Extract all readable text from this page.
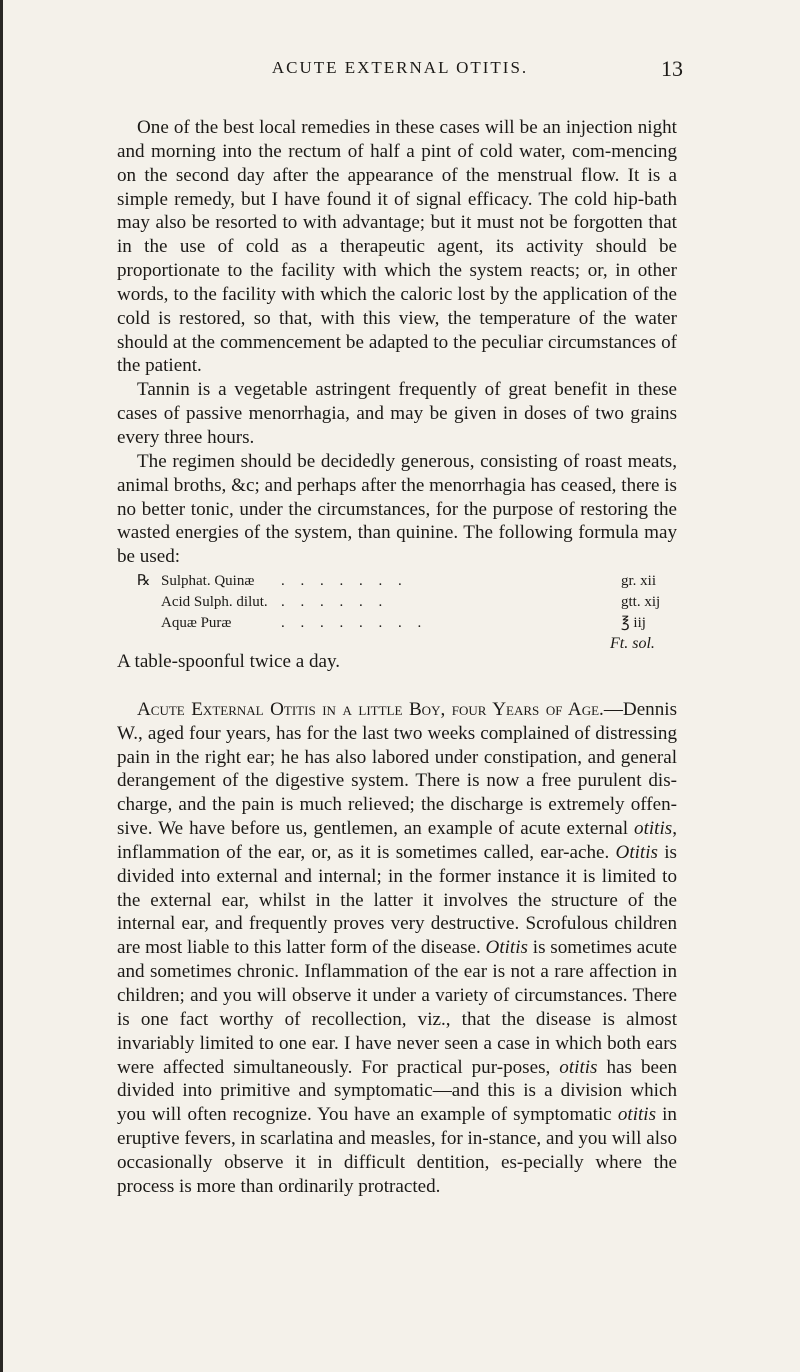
ACUTE EXTERNAL OTITIS.	13

One of the best local remedies in these cases will be an injection night and morning into the rectum of half a pint of cold water, com-mencing on the second day after the appearance of the menstrual flow. It is a simple remedy, but I have found it of signal efficacy. The cold hip-bath may also be resorted to with advantage; but it must not be forgotten that in the use of cold as a therapeutic agent, its activity should be proportionate to the facility with which the system reacts; or, in other words, to the facility with which the caloric lost by the application of the cold is restored, so that, with this view, the temperature of the water should at the commencement be adapted to the peculiar circumstances of the patient.

Tannin is a vegetable astringent frequently of great benefit in these cases of passive menorrhagia, and may be given in doses of two grains every three hours.

The regimen should be decidedly generous, consisting of roast meats, animal broths, &c; and perhaps after the menorrhagia has ceased, there is no better tonic, under the circumstances, for the purpose of restoring the wasted energies of the system, than quinine. The following formula may be used:

℞ Sulphat. Quinæ	. . . . . . .	gr. xii
Acid Sulph. dilut. . . . . . .	gtt. xij
Aquæ Puræ	. . . . . . . .	℥ iij
Ft. sol.

A table-spoonful twice a day.

Acute External Otitis in a little Boy, four Years of Age.—Dennis W., aged four years, has for the last two weeks complained of distressing pain in the right ear; he has also labored under constipation, and general derangement of the digestive system. There is now a free purulent dis-charge, and the pain is much relieved; the discharge is extremely offen-sive. We have before us, gentlemen, an example of acute external otitis, inflammation of the ear, or, as it is sometimes called, ear-ache. Otitis is divided into external and internal; in the former instance it is limited to the external ear, whilst in the latter it involves the structure of the internal ear, and frequently proves very destructive. Scrofulous children are most liable to this latter form of the disease. Otitis is sometimes acute and sometimes chronic. Inflammation of the ear is not a rare affection in children; and you will observe it under a variety of circumstances. There is one fact worthy of recollection, viz., that the disease is almost invariably limited to one ear. I have never seen a case in which both ears were affected simultaneously. For practical pur-poses, otitis has been divided into primitive and symptomatic—and this is a division which you will often recognize. You have an example of symptomatic otitis in eruptive fevers, in scarlatina and measles, for in-stance, and you will also occasionally observe it in difficult dentition, es-pecially where the process is more than ordinarily protracted.
